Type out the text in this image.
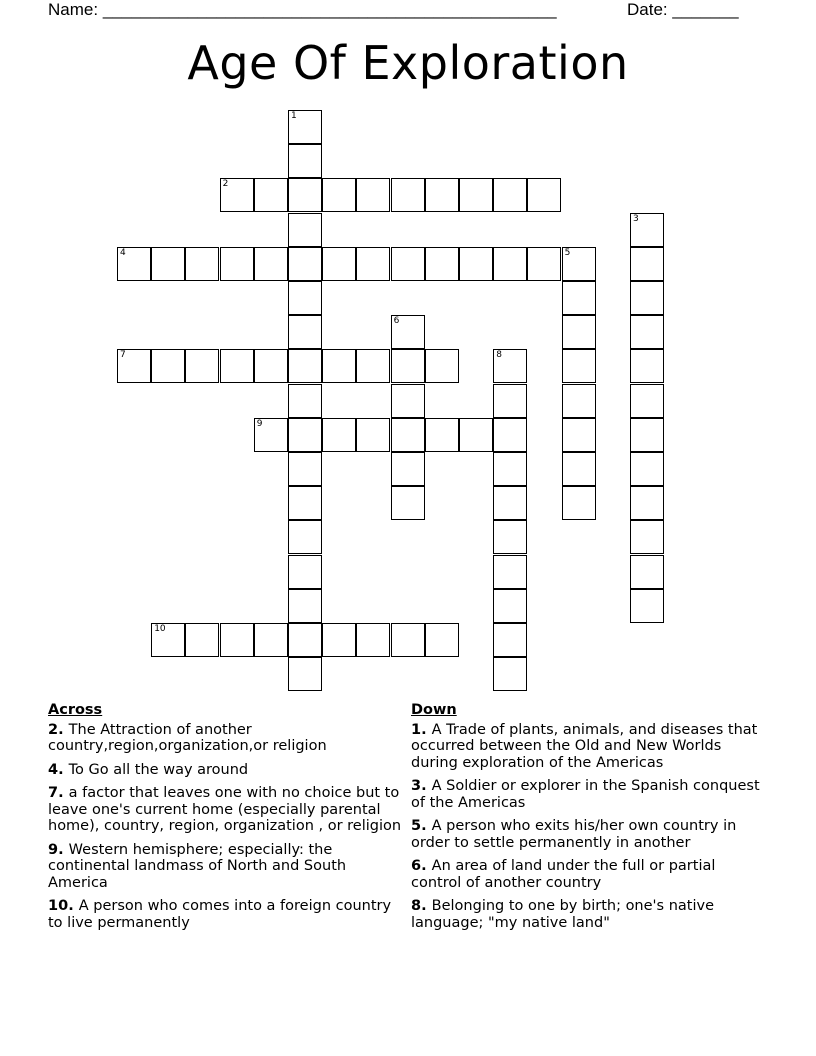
Name: ________________________________________________	Date: _______
Age Of Exploration
1
2
3
4	5
6
7	8
9
10
Across
2. The Attraction of another country,region,organization,or religion
4. To Go all the way around
7. a factor that leaves one with no choice but to leave one's current home (especially parental home), country, region, organization , or religion
9. Western hemisphere; especially: the continental landmass of North and South America
10. A person who comes into a foreign country to live permanently
Down
1. A Trade of plants, animals, and diseases that occurred between the Old and New Worlds during exploration of the Americas
3. A Soldier or explorer in the Spanish conquest of the Americas
5. A person who exits his/her own country in order to settle permanently in another
6. An area of land under the full or partial control of another country
8. Belonging to one by birth; one's native language; "my native land"
